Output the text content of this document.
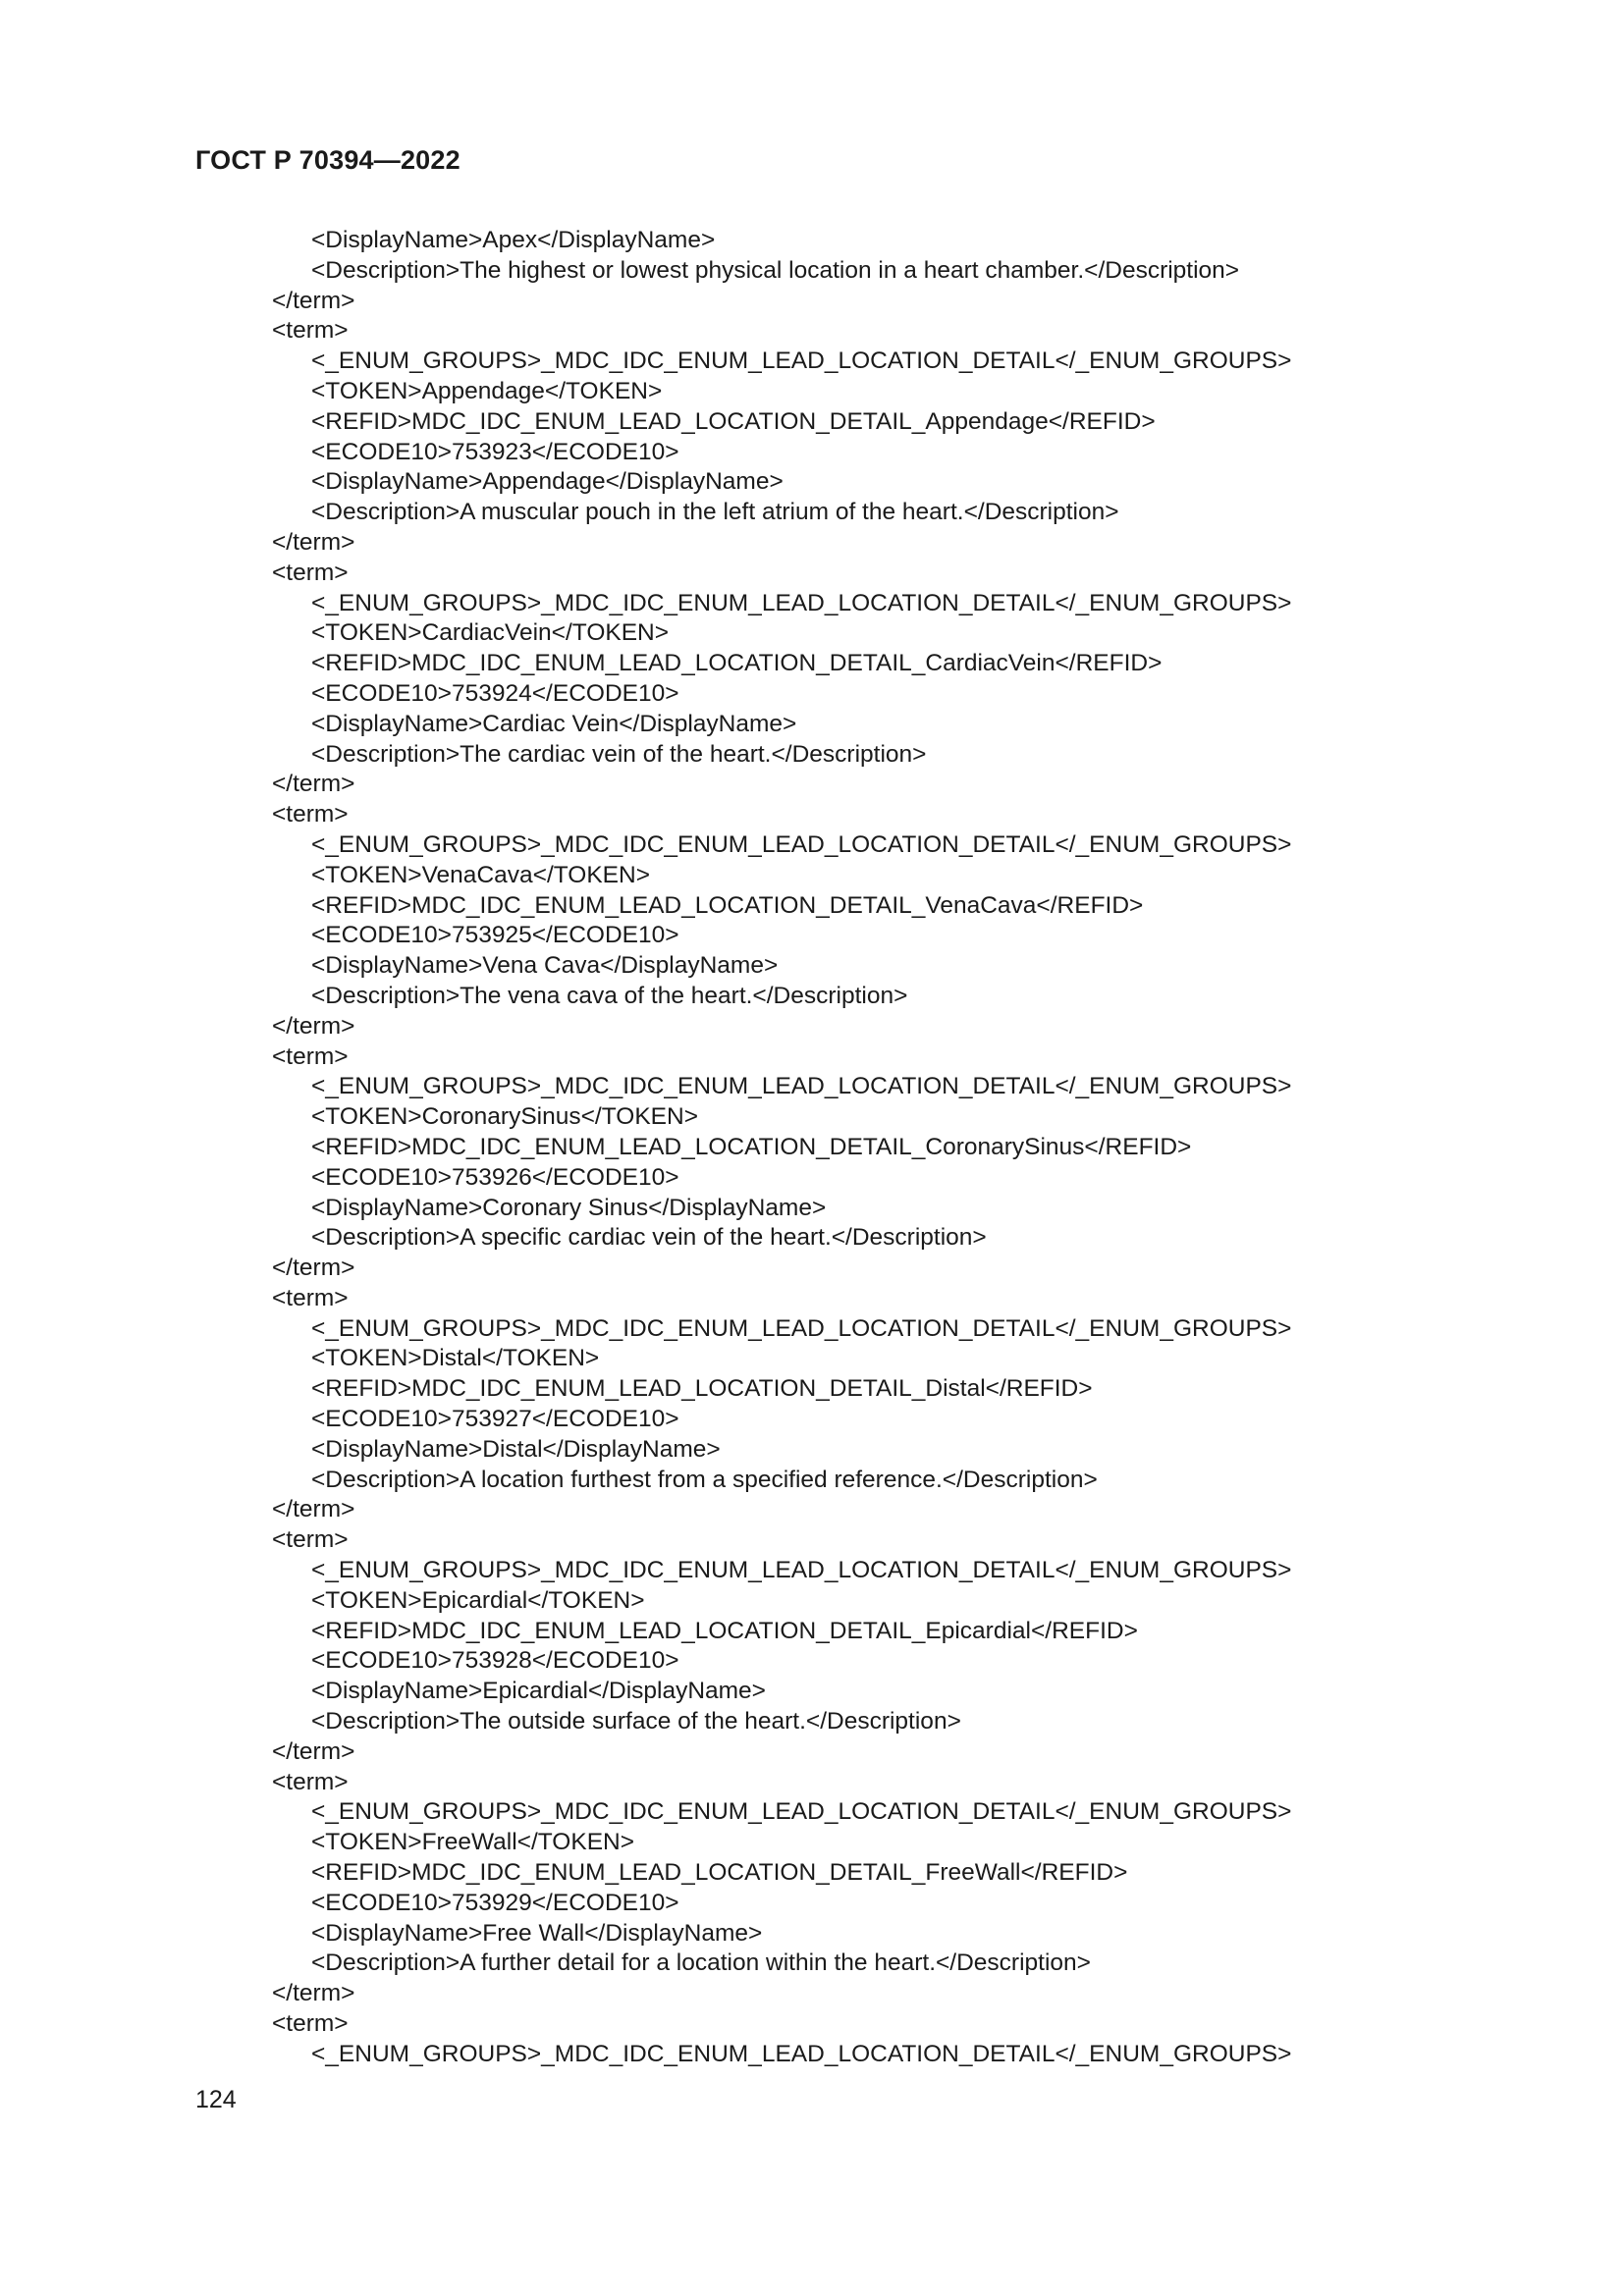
ГОСТ Р 70394—2022
<DisplayName>Apex</DisplayName>
<Description>The highest or lowest physical location in a heart chamber.</Description>
</term>
<term>
<_ENUM_GROUPS>_MDC_IDC_ENUM_LEAD_LOCATION_DETAIL</_ENUM_GROUPS>
<TOKEN>Appendage</TOKEN>
<REFID>MDC_IDC_ENUM_LEAD_LOCATION_DETAIL_Appendage</REFID>
<ECODE10>753923</ECODE10>
<DisplayName>Appendage</DisplayName>
<Description>A muscular pouch in the left atrium of the heart.</Description>
</term>
<term>
<_ENUM_GROUPS>_MDC_IDC_ENUM_LEAD_LOCATION_DETAIL</_ENUM_GROUPS>
<TOKEN>CardiacVein</TOKEN>
<REFID>MDC_IDC_ENUM_LEAD_LOCATION_DETAIL_CardiacVein</REFID>
<ECODE10>753924</ECODE10>
<DisplayName>Cardiac Vein</DisplayName>
<Description>The cardiac vein of the heart.</Description>
</term>
<term>
<_ENUM_GROUPS>_MDC_IDC_ENUM_LEAD_LOCATION_DETAIL</_ENUM_GROUPS>
<TOKEN>VenaCava</TOKEN>
<REFID>MDC_IDC_ENUM_LEAD_LOCATION_DETAIL_VenaCava</REFID>
<ECODE10>753925</ECODE10>
<DisplayName>Vena Cava</DisplayName>
<Description>The vena cava of the heart.</Description>
</term>
<term>
<_ENUM_GROUPS>_MDC_IDC_ENUM_LEAD_LOCATION_DETAIL</_ENUM_GROUPS>
<TOKEN>CoronarySinus</TOKEN>
<REFID>MDC_IDC_ENUM_LEAD_LOCATION_DETAIL_CoronarySinus</REFID>
<ECODE10>753926</ECODE10>
<DisplayName>Coronary Sinus</DisplayName>
<Description>A specific cardiac vein of the heart.</Description>
</term>
<term>
<_ENUM_GROUPS>_MDC_IDC_ENUM_LEAD_LOCATION_DETAIL</_ENUM_GROUPS>
<TOKEN>Distal</TOKEN>
<REFID>MDC_IDC_ENUM_LEAD_LOCATION_DETAIL_Distal</REFID>
<ECODE10>753927</ECODE10>
<DisplayName>Distal</DisplayName>
<Description>A location furthest from a specified reference.</Description>
</term>
<term>
<_ENUM_GROUPS>_MDC_IDC_ENUM_LEAD_LOCATION_DETAIL</_ENUM_GROUPS>
<TOKEN>Epicardial</TOKEN>
<REFID>MDC_IDC_ENUM_LEAD_LOCATION_DETAIL_Epicardial</REFID>
<ECODE10>753928</ECODE10>
<DisplayName>Epicardial</DisplayName>
<Description>The outside surface of the heart.</Description>
</term>
<term>
<_ENUM_GROUPS>_MDC_IDC_ENUM_LEAD_LOCATION_DETAIL</_ENUM_GROUPS>
<TOKEN>FreeWall</TOKEN>
<REFID>MDC_IDC_ENUM_LEAD_LOCATION_DETAIL_FreeWall</REFID>
<ECODE10>753929</ECODE10>
<DisplayName>Free Wall</DisplayName>
<Description>A further detail for a location within the heart.</Description>
</term>
<term>
<_ENUM_GROUPS>_MDC_IDC_ENUM_LEAD_LOCATION_DETAIL</_ENUM_GROUPS>
124
